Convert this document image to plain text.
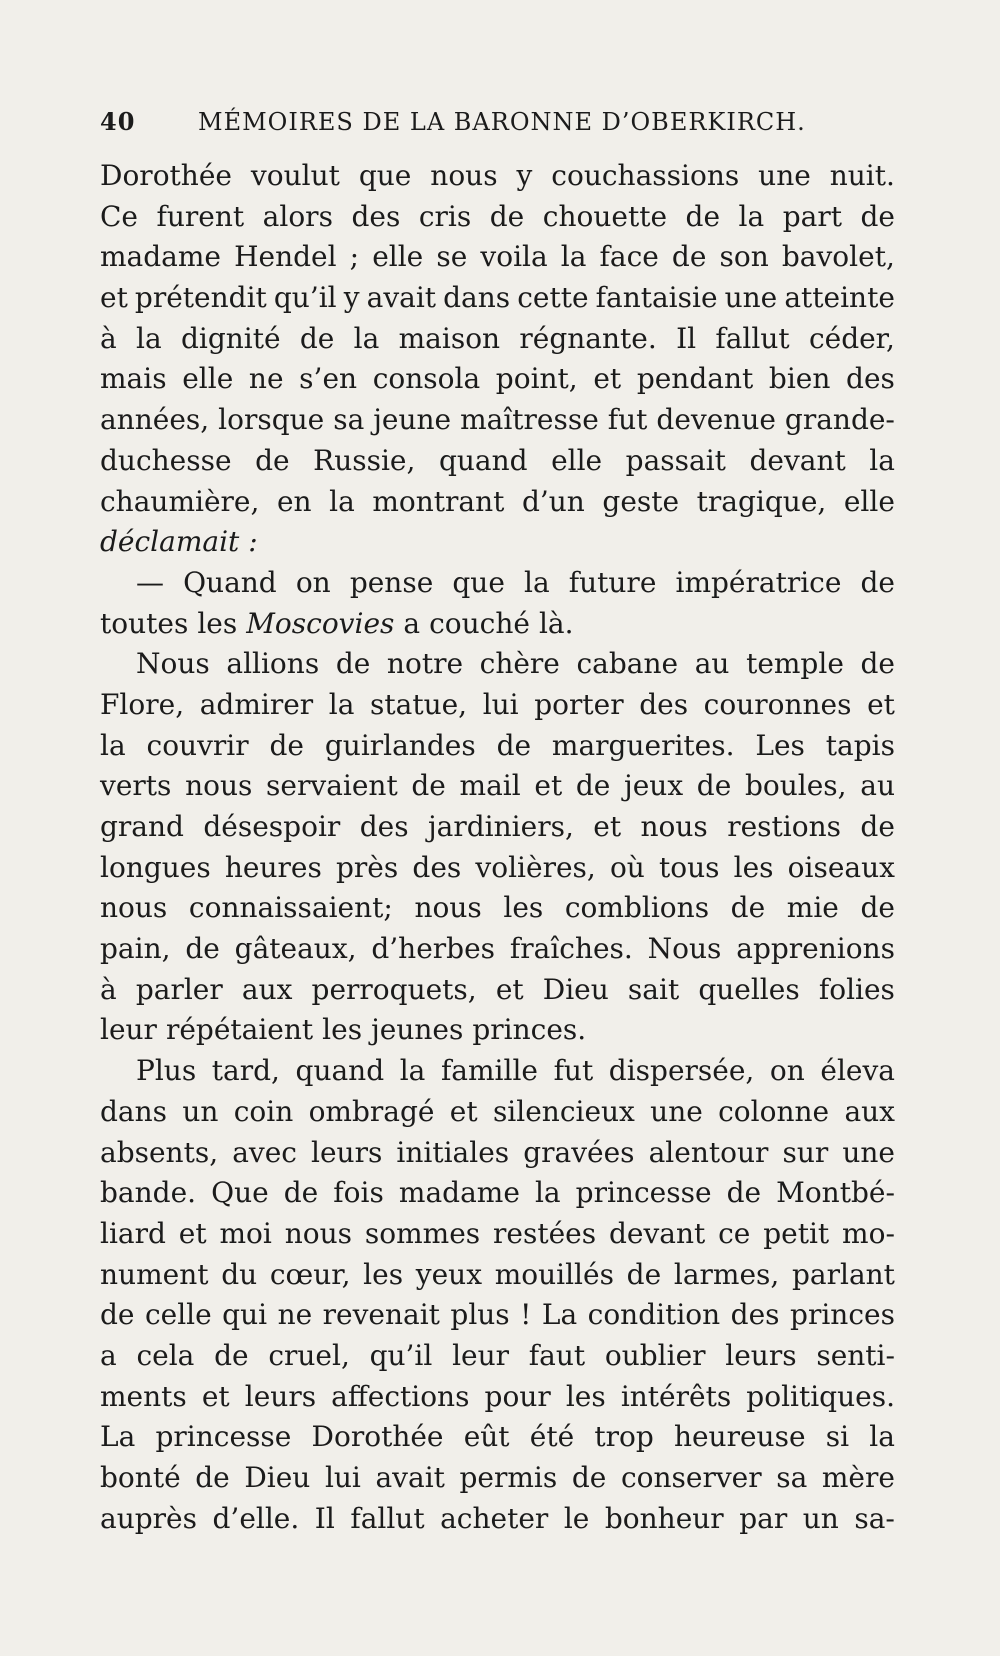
40	MÉMOIRES DE LA BARONNE D’OBERKIRCH.
Dorothée voulut que nous y couchassions une nuit.
Ce furent alors des cris de chouette de la part de
madame Hendel ; elle se voila la face de son bavolet,
et prétendit qu’il y avait dans cette fantaisie une atteinte
à la dignité de la maison régnante. Il fallut céder,
mais elle ne s’en consola point, et pendant bien des
années, lorsque sa jeune maîtresse fut devenue grande-
duchesse de Russie, quand elle passait devant la
chaumière, en la montrant d’un geste tragique, elle
déclamait :
— Quand on pense que la future impératrice de
toutes les Moscovies a couché là.
Nous allions de notre chère cabane au temple de
Flore, admirer la statue, lui porter des couronnes et
la couvrir de guirlandes de marguerites. Les tapis
verts nous servaient de mail et de jeux de boules, au
grand désespoir des jardiniers, et nous restions de
longues heures près des volières, où tous les oiseaux
nous connaissaient; nous les comblions de mie de
pain, de gâteaux, d’herbes fraîches. Nous apprenions
à parler aux perroquets, et Dieu sait quelles folies
leur répétaient les jeunes princes.
Plus tard, quand la famille fut dispersée, on éleva
dans un coin ombragé et silencieux une colonne aux
absents, avec leurs initiales gravées alentour sur une
bande. Que de fois madame la princesse de Montbé-
liard et moi nous sommes restées devant ce petit mo-
nument du cœur, les yeux mouillés de larmes, parlant
de celle qui ne revenait plus ! La condition des princes
a cela de cruel, qu’il leur faut oublier leurs senti-
ments et leurs affections pour les intérêts politiques.
La princesse Dorothée eût été trop heureuse si la
bonté de Dieu lui avait permis de conserver sa mère
auprès d’elle. Il fallut acheter le bonheur par un sa-
